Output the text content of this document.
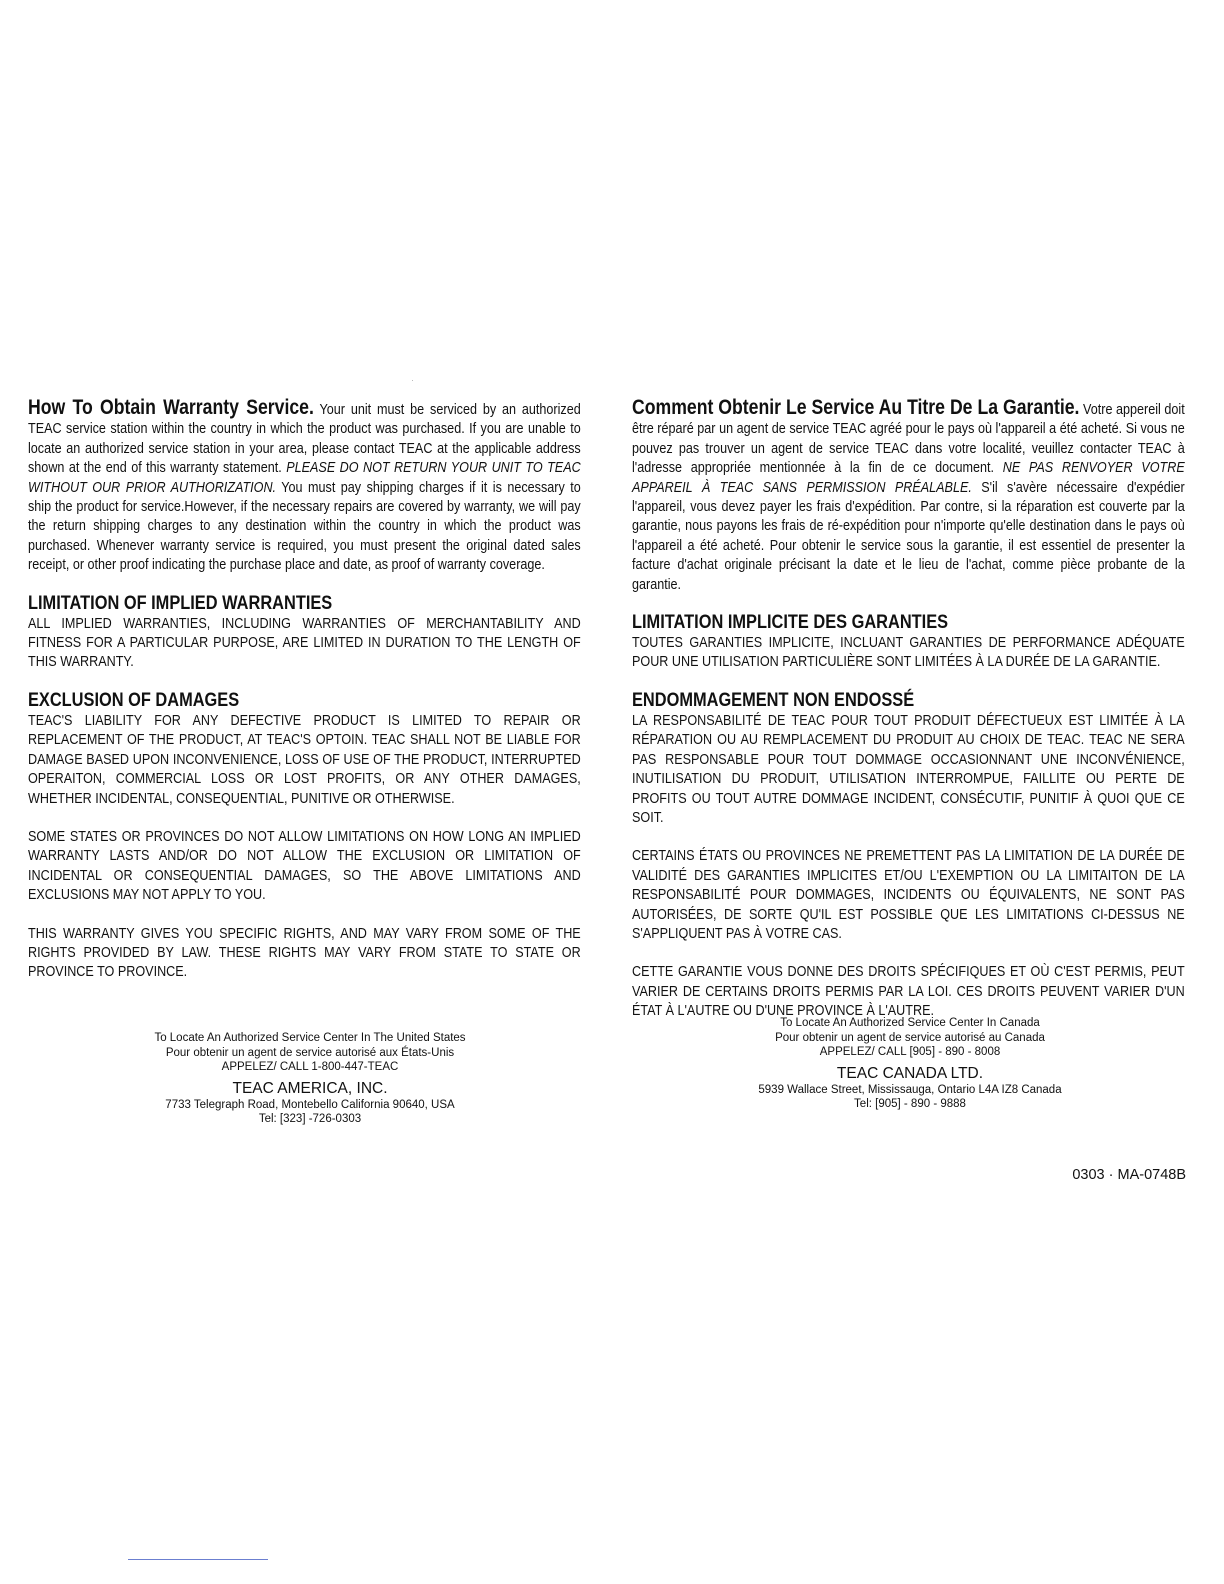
How To Obtain Warranty Service. Your unit must be serviced by an authorized TEAC service station within the country in which the product was purchased. If you are unable to locate an authorized service station in your area, please contact TEAC at the applicable address shown at the end of this warranty statement. PLEASE DO NOT RETURN YOUR UNIT TO TEAC WITHOUT OUR PRIOR AUTHORIZATION. You must pay shipping charges if it is necessary to ship the product for service.However, if the necessary repairs are covered by warranty, we will pay the return shipping charges to any destination within the country in which the product was purchased. Whenever warranty service is required, you must present the original dated sales receipt, or other proof indicating the purchase place and date, as proof of warranty coverage.

LIMITATION OF IMPLIED WARRANTIES

ALL IMPLIED WARRANTIES, INCLUDING WARRANTIES OF MERCHANTABILITY AND FITNESS FOR A PARTICULAR PURPOSE, ARE LIMITED IN DURATION TO THE LENGTH OF THIS WARRANTY.

EXCLUSION OF DAMAGES

TEAC'S LIABILITY FOR ANY DEFECTIVE PRODUCT IS LIMITED TO REPAIR OR REPLACEMENT OF THE PRODUCT, AT TEAC'S OPTOIN. TEAC SHALL NOT BE LIABLE FOR DAMAGE BASED UPON INCONVENIENCE, LOSS OF USE OF THE PRODUCT, INTERRUPTED OPERAITON, COMMERCIAL LOSS OR LOST PROFITS, OR ANY OTHER DAMAGES, WHETHER INCIDENTAL, CONSEQUENTIAL, PUNITIVE OR OTHERWISE.

SOME STATES OR PROVINCES DO NOT ALLOW LIMITATIONS ON HOW LONG AN IMPLIED WARRANTY LASTS AND/OR DO NOT ALLOW THE EXCLUSION OR LIMITATION OF INCIDENTAL OR CONSEQUENTIAL DAMAGES, SO THE ABOVE LIMITATIONS AND EXCLUSIONS MAY NOT APPLY TO YOU.

THIS WARRANTY GIVES YOU SPECIFIC RIGHTS, AND MAY VARY FROM SOME OF THE RIGHTS PROVIDED BY LAW. THESE RIGHTS MAY VARY FROM STATE TO STATE OR PROVINCE TO PROVINCE.

Comment Obtenir Le Service Au Titre De La Garantie. Votre appereil doit être réparé par un agent de service TEAC agréé pour le pays où l'appareil a été acheté. Si vous ne pouvez pas trouver un agent de service TEAC dans votre localité, veuillez contacter TEAC à l'adresse appropriée mentionnée à la fin de ce document. NE PAS RENVOYER VOTRE APPAREIL À TEAC SANS PERMISSION PRÉALABLE. S'il s'avère nécessaire d'expédier l'appareil, vous devez payer les frais d'expédition. Par contre, si la réparation est couverte par la garantie, nous payons les frais de ré-expédition pour n'importe qu'elle destination dans le pays où l'appareil a été acheté. Pour obtenir le service sous la garantie, il est essentiel de presenter la facture d'achat originale précisant la date et le lieu de l'achat, comme pièce probante de la garantie.

LIMITATION IMPLICITE DES GARANTIES

TOUTES GARANTIES IMPLICITE, INCLUANT GARANTIES DE PERFORMANCE ADÉQUATE POUR UNE UTILISATION PARTICULIÈRE SONT LIMITÉES À LA DURÉE DE LA GARANTIE.

ENDOMMAGEMENT NON ENDOSSÉ

LA RESPONSABILITÉ DE TEAC POUR TOUT PRODUIT DÉFECTUEUX EST LIMITÉE À LA RÉPARATION OU AU REMPLACEMENT DU PRODUIT AU CHOIX DE TEAC. TEAC NE SERA PAS RESPONSABLE POUR TOUT DOMMAGE OCCASIONNANT UNE INCONVÉNIENCE, INUTILISATION DU PRODUIT, UTILISATION INTERROMPUE, FAILLITE OU PERTE DE PROFITS OU TOUT AUTRE DOMMAGE INCIDENT, CONSÉCUTIF, PUNITIF À QUOI QUE CE SOIT.

CERTAINS ÉTATS OU PROVINCES NE PREMETTENT PAS LA LIMITATION DE LA DURÉE DE VALIDITÉ DES GARANTIES IMPLICITES ET/OU L'EXEMPTION OU LA LIMITAITON DE LA RESPONSABILITÉ POUR DOMMAGES, INCIDENTS OU ÉQUIVALENTS, NE SONT PAS AUTORISÉES, DE SORTE QU'IL EST POSSIBLE QUE LES LIMITATIONS CI-DESSUS NE S'APPLIQUENT PAS À VOTRE CAS.

CETTE GARANTIE VOUS DONNE DES DROITS SPÉCIFIQUES ET OÙ C'EST PERMIS, PEUT VARIER DE CERTAINS DROITS PERMIS PAR LA LOI. CES DROITS PEUVENT VARIER D'UN ÉTAT À L'AUTRE OU D'UNE PROVINCE À L'AUTRE.

To Locate An Authorized Service Center In The United States
Pour obtenir un agent de service autorisé aux États-Unis
APPELEZ/ CALL 1-800-447-TEAC
TEAC AMERICA, INC.
7733 Telegraph Road, Montebello California 90640, USA
Tel: [323] -726-0303
To Locate An Authorized Service Center In Canada
Pour obtenir un agent de service autorisé au Canada
APPELEZ/ CALL [905] - 890 - 8008
TEAC CANADA LTD.
5939 Wallace Street, Mississauga, Ontario L4A IZ8 Canada
Tel: [905] - 890 - 9888
0303 · MA-0748B
